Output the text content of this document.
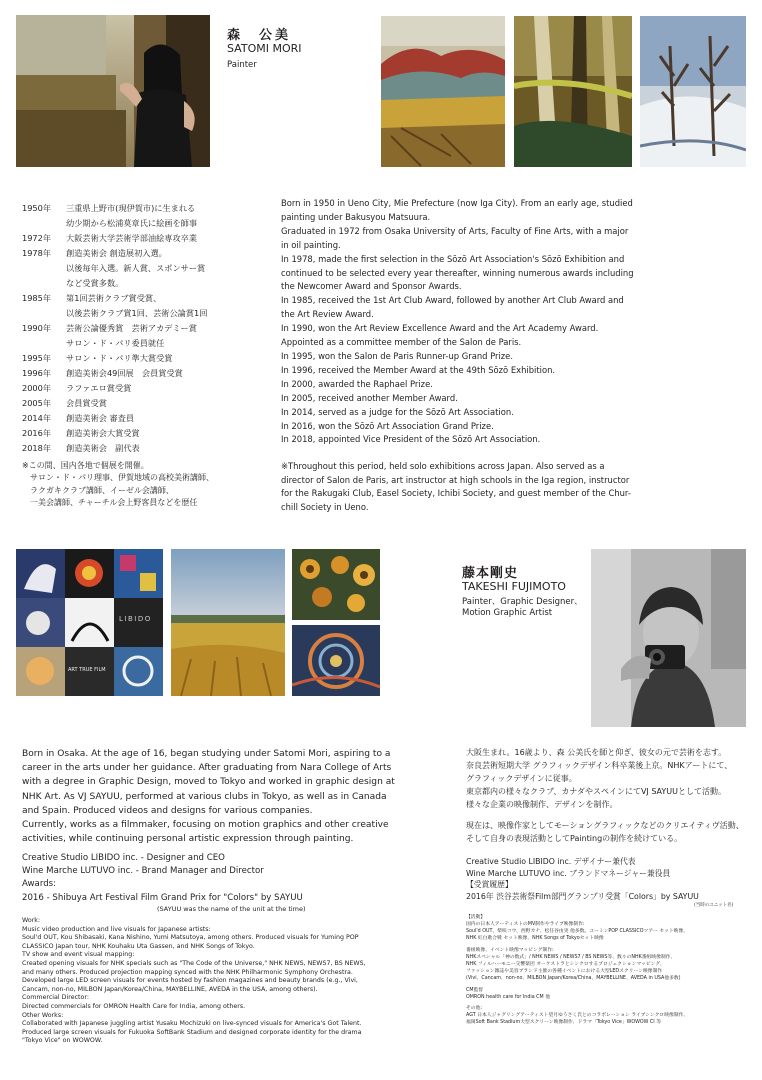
森　公美
SATOMI MORI
Painter
1950年	三重県上野市(現伊賀市)に生まれる
幼少期から松浦莫章氏に絵画を師事
1972年	大阪芸術大学芸術学部油絵専攻卒業
1978年	創造美術会 創造展初入選。
以後毎年入選。新人賞、スポンサー賞
など受賞多数。
1985年	第1回芸術クラブ賞受賞、
以後芸術クラブ賞1回、芸術公論賞1回
1990年	芸術公論優秀賞　芸術アカデミー賞
サロン・ド・パリ委員就任
1995年	サロン・ド・パリ準大賞受賞
1996年	創造美術会49回展　会員賞受賞
2000年	ラファエロ賞受賞
2005年	会員賞受賞
2014年	創造美術会 審査員
2016年	創造美術会大賞受賞
2018年	創造美術会　副代表
※この間、国内各地で個展を開催。
サロン・ド・パリ理事、伊賀地域の高校美術講師、
ラクガキクラブ講師、イーゼル会講師、
一美会講師、チャーチル会上野客員などを歴任
Born in 1950 in Ueno City, Mie Prefecture (now Iga City). From an early age, studied
painting under Bakusyou Matsuura.
Graduated in 1972 from Osaka University of Arts, Faculty of Fine Arts, with a major
in oil painting.
In 1978, made the first selection in the Sōzō Art Association's Sōzō Exhibition and
continued to be selected every year thereafter, winning numerous awards including
the Newcomer Award and Sponsor Awards.
In 1985, received the 1st Art Club Award, followed by another Art Club Award and
the Art Review Award.
In 1990, won the Art Review Excellence Award and the Art Academy Award.
Appointed as a committee member of the Salon de Paris.
In 1995, won the Salon de Paris Runner-up Grand Prize.
In 1996, received the Member Award at the 49th Sōzō Exhibition.
In 2000, awarded the Raphael Prize.
In 2005, received another Member Award.
In 2014, served as a judge for the Sōzō Art Association.
In 2016, won the Sōzō Art Association Grand Prize.
In 2018, appointed Vice President of the Sōzō Art Association.
※Throughout this period, held solo exhibitions across Japan. Also served as a
director of Salon de Paris, art instructor at high schools in the Iga region, instructor
for the Rakugaki Club, Easel Society, Ichibi Society, and guest member of the Chur-
chill Society in Ueno.
LIBIDO
ART TRUE FILM
藤本剛史
TAKESHI FUJIMOTO
Painter、Graphic Designer、
Motion Graphic Artist
Born in Osaka. At the age of 16, began studying under Satomi Mori, aspiring to a
career in the arts under her guidance. After graduating from Nara College of Arts
with a degree in Graphic Design, moved to Tokyo and worked in graphic design at
NHK Art. As VJ SAYUU, performed at various clubs in Tokyo, as well as in Canada
and Spain. Produced videos and designs for various companies.
Currently, works as a filmmaker, focusing on motion graphics and other creative
activities, while continuing personal artistic expression through painting.
Creative Studio LIBIDO inc. - Designer and CEO
Wine Marche LUTUVO inc. - Brand Manager and Director
Awards:
2016 - Shibuya Art Festival Film Grand Prix for "Colors" by SAYUU
(SAYUU was the name of the unit at the time)
Work:
Music video production and live visuals for Japanese artists:
Soul'd OUT, Kou Shibasaki, Kana Nishino, Yumi Matsutoya, among others. Produced visuals for Yuming POP
CLASSICO Japan tour, NHK Kouhaku Uta Gassen, and NHK Songs of Tokyo.
TV show and event visual mapping:
Created opening visuals for NHK specials such as "The Code of the Universe," NHK NEWS, NEWS7, BS NEWS,
and many others. Produced projection mapping synced with the NHK Philharmonic Symphony Orchestra.
Developed large LED screen visuals for events hosted by fashion magazines and beauty brands (e.g., Vivi,
Cancam, non-no, MILBON Japan/Korea/China, MAYBELLINE, AVEDA in the USA, among others).
Commercial Director:
Directed commercials for OMRON Health Care for India, among others.
Other Works:
Collaborated with Japanese juggling artist Yusaku Mochizuki on live-synced visuals for America's Got Talent.
Produced large screen visuals for Fukuoka SoftBank Stadium and designed corporate identity for the drama
"Tokyo Vice" on WOWOW.
大阪生まれ。16歳より、森 公美氏を師と仰ぎ、彼女の元で芸術を志す。
奈良芸術短期大学 グラフィックデザイン科卒業後上京。NHKアートにて、
グラフィックデザインに従事。
東京都内の様々なクラブ、カナダやスペインにてVJ SAYUUとして活動。
様々な企業の映像制作、デザインを制作。
現在は、映像作家としてモーショングラフィックなどのクリエイティヴ活動、
そして自身の表現活動としてPaintingの制作を続けている。
Creative Studio LIBIDO inc. デザイナー兼代表
Wine Marche LUTUVO inc. ブランドマネージャー兼役員
【受賞履歴】
2016年 渋谷芸術祭Film部門グランプリ受賞「Colors」by SAYUU
(当時のユニット名)
【活動】
国内の日本人アーティストのMV制作やライブ映像制作:
Soul'd OUT、柴咲コウ、西野カナ、松任谷由実 他多数。ユーミンPOP CLASSICOツアー セット映像、
NHK 紅白歌合戦 セット映像、NHK Songs of Tokyoセット映像
番組映像、イベント映像マッピング制作:
NHKスペシャル「神の数式」/ NHK NEWS / NEWS7 / BS NEWS等、数々のNHK番組映像制作、
NHK フィルハーモニー交響楽団 オーケストラとシンクロするプロジェクションマッピング、
ファッション雑誌や美容ブランド主催の各種イベントにおける大型LEDスクリーン映像制作
(Vivi、Cancam、non-no、MILBON Japan/Korea/China、MAYBELLINE、AVEDA in USA他多数)
CM監督
OMRON health care for India CM 他
その他:
AGT 日本人ジャグリングアーティスト望月ゆうさく氏とのコラボレーション ライブシンクロ映像制作、
福岡Soft Bank Stadium大型スクリーン映像制作、ドラマ「Tokyo Vice」WOWOW CI 等
